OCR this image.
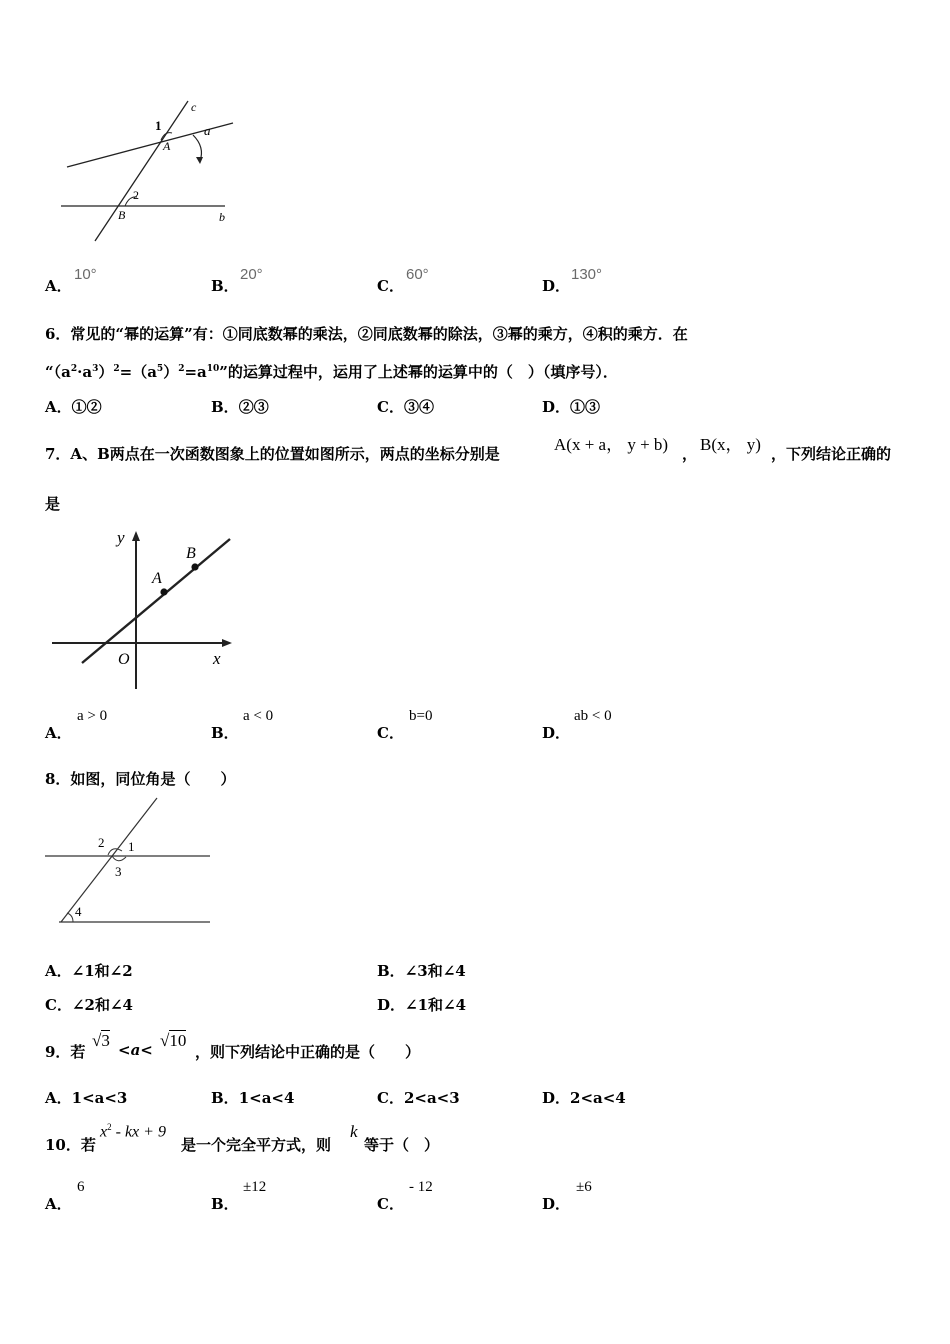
c
1	a
A
2
B	b
A．
10°
B．
20°
C．
60°
D．
130°
6．常见的“幂的运算”有：①同底数幂的乘法，②同底数幂的除法，③幂的乘方，④积的乘方．在
“$(a^2\cdot a^3)^2=(a^5)^2=a^{10}$”的运算过程中，运用了上述幂的运算中的（　）（填序号）．
A．①②	B．②③	C．③④	D．①③
7．A、B两点在一次函数图象上的位置如图所示，两点的坐标分别是	A(x + a， y + b) ， B(x， y) ，下列结论正确的
是
y
B
A
O	x
A．
a > 0
B．
a < 0
C．
b=0
D．
ab < 0
8．如图，同位角是（　　）
2 1
3
4
A．∠1和∠2	B．∠3和∠4
C．∠2和∠4	D．∠1和∠4
9．若
√3 <a< √10
，则下列结论中正确的是（　　）
A．1<a<3	B．1<a<4	C．2<a<3	D．2<a<4
10．若
$x^2$ - kx + 9
是一个完全平方式，则
k
等于（　）
A．
6
B．
±12
C．
- 12
D．
±6
